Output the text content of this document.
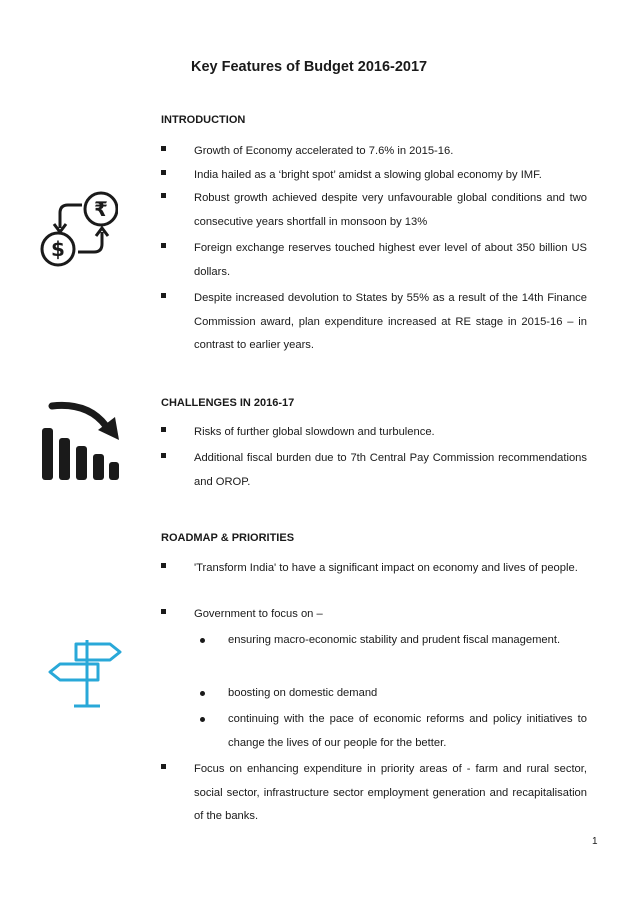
Key Features of Budget 2016-2017
₹
$
INTRODUCTION
Growth of Economy accelerated to 7.6% in 2015-16.
India hailed as a ‘bright spot’ amidst a slowing global economy by IMF.
Robust growth achieved despite very unfavourable global conditions and two consecutive years shortfall in monsoon by 13%
Foreign exchange reserves touched highest ever level of about 350 billion US dollars.
Despite increased devolution to States by 55% as a result of the 14th Finance Commission award, plan expenditure increased at RE stage in 2015-16 – in contrast to earlier years.
CHALLENGES IN 2016-17
Risks of further global slowdown and turbulence.
Additional fiscal burden due to 7th Central Pay Commission recommendations and OROP.
ROADMAP & PRIORITIES
'Transform India' to have a significant impact on economy and lives of people.
Government to focus on –
ensuring macro-economic stability and prudent fiscal management.
boosting on domestic demand
continuing with the pace of economic reforms and policy initiatives to change the lives of our people for the better.
Focus on enhancing expenditure in priority areas of - farm and rural sector, social sector, infrastructure sector employment generation and recapitalisation of the banks.
1
